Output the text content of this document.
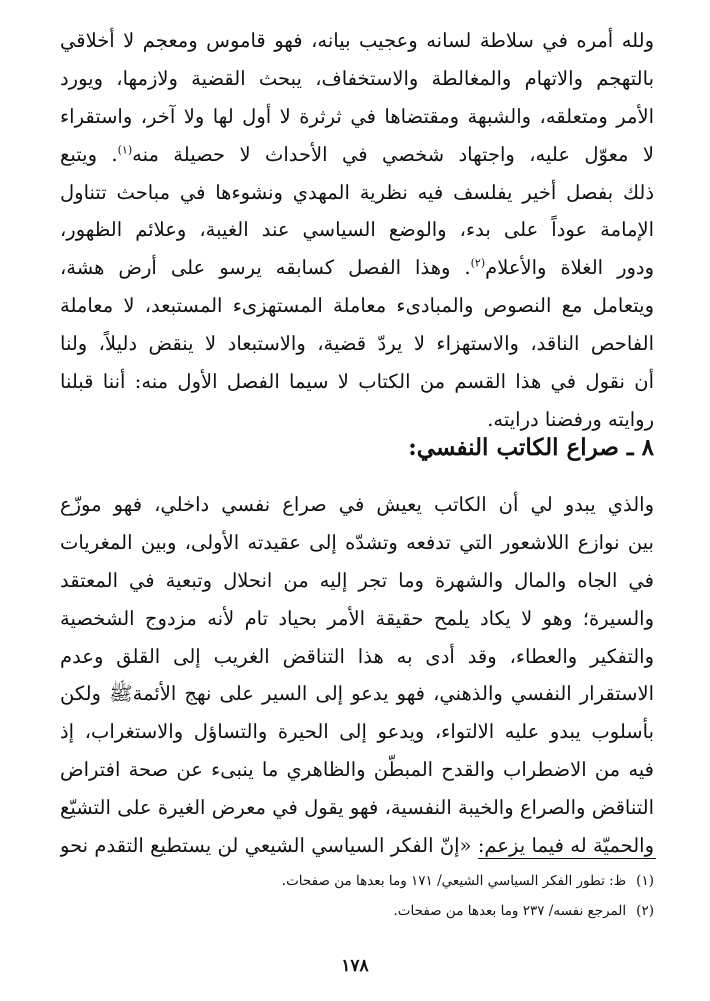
ولله أمره في سلاطة لسانه وعجيب بيانه، فهو قاموس ومعجم لا أخلاقي
بالتهجم والاتهام والمغالطة والاستخفاف، يبحث القضية ولازمها، ويورد
الأمر ومتعلقه، والشبهة ومقتضاها في ثرثرة لا أول لها ولا آخر، واستقراء
لا معوّل عليه، واجتهاد شخصي في الأحداث لا حصيلة منه$^{(١)}$. ويتبع
ذلك بفصل أخير يفلسف فيه نظرية المهدي ونشوءها في مباحث تتناول
الإمامة عوداً على بدء، والوضع السياسي عند الغيبة، وعلائم الظهور،
ودور الغلاة والأعلام$^{(٢)}$. وهذا الفصل كسابقه يرسو على أرض هشة،
ويتعامل مع النصوص والمبادىء معاملة المستهزىء المستبعد، لا معاملة
الفاحص الناقد، والاستهزاء لا يردّ قضية، والاستبعاد لا ينقض دليلاً، ولنا
أن نقول في هذا القسم من الكتاب لا سيما الفصل الأول منه: أننا قبلنا
روايته ورفضنا درايته.
٨ ـ صراع الكاتب النفسي:
والذي يبدو لي أن الكاتب يعيش في صراع نفسي داخلي، فهو موزّع
بين نوازع اللاشعور التي تدفعه وتشدّه إلى عقيدته الأولى، وبين المغريات
في الجاه والمال والشهرة وما تجر إليه من انحلال وتبعية في المعتقد
والسيرة؛ وهو لا يكاد يلمح حقيقة الأمر بحياد تام لأنه مزدوج الشخصية
والتفكير والعطاء، وقد أدى به هذا التناقض الغريب إلى القلق وعدم
الاستقرار النفسي والذهني، فهو يدعو إلى السير على نهج الأئمةﷺ ولكن
بأسلوب يبدو عليه الالتواء، ويدعو إلى الحيرة والتساؤل والاستغراب، إذ
فيه من الاضطراب والقدح المبطّن والظاهري ما ينبىء عن صحة افتراض
التناقض والصراع والخيبة النفسية، فهو يقول في معرض الغيرة على التشيّع
والحميّة له فيما يزعم: «إنّ الفكر السياسي الشيعي لن يستطيع التقدم نحو
(١)ظ: تطور الفكر السياسي الشيعي/ ١٧١ وما بعدها من صفحات.
(٢)المرجع نفسه/ ٢٣٧ وما بعدها من صفحات.
١٧٨
